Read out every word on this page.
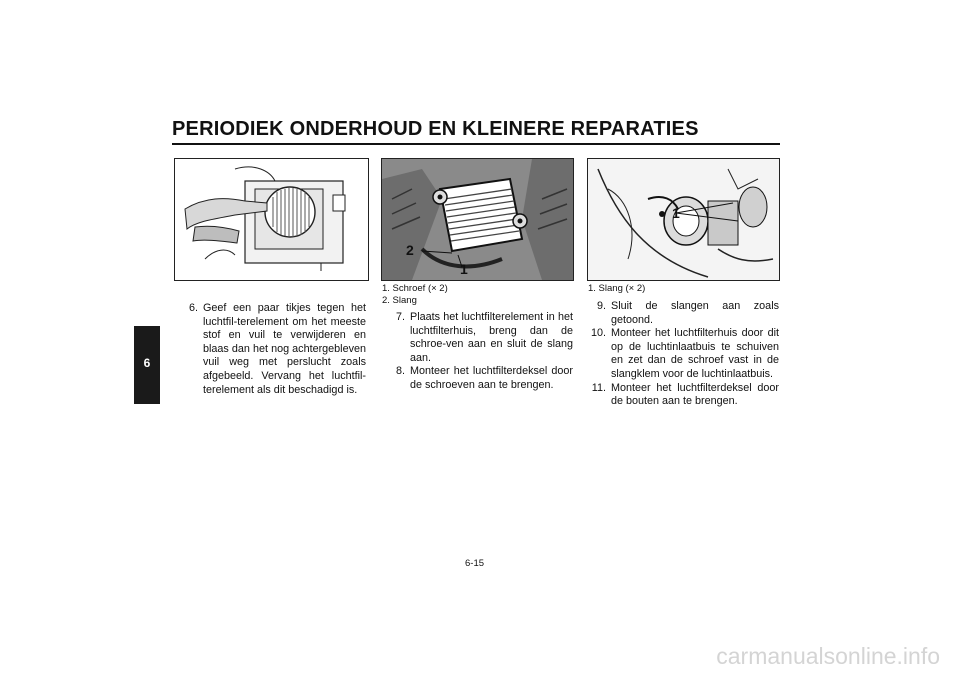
PERIODIEK ONDERHOUD EN KLEINERE REPARATIES
6
2
1
1
1. Schroef (× 2)
2. Slang
1. Slang (× 2)
6. Geef een paar tikjes tegen het luchtfil-terelement om het meeste stof en vuil te verwijderen en blaas dan het nog achtergebleven vuil weg met perslucht zoals afgebeeld. Vervang het luchtfil-terelement als dit beschadigd is.
7. Plaats het luchtfilterelement in het luchtfilterhuis, breng dan de schroe-ven aan en sluit de slang aan.
8. Monteer het luchtfilterdeksel door de schroeven aan te brengen.
9. Sluit de slangen aan zoals getoond.
10. Monteer het luchtfilterhuis door dit op de luchtinlaatbuis te schuiven en zet dan de schroef vast in de slangklem voor de luchtinlaatbuis.
11. Monteer het luchtfilterdeksel door de bouten aan te brengen.
6-15
carmanualsonline.info
